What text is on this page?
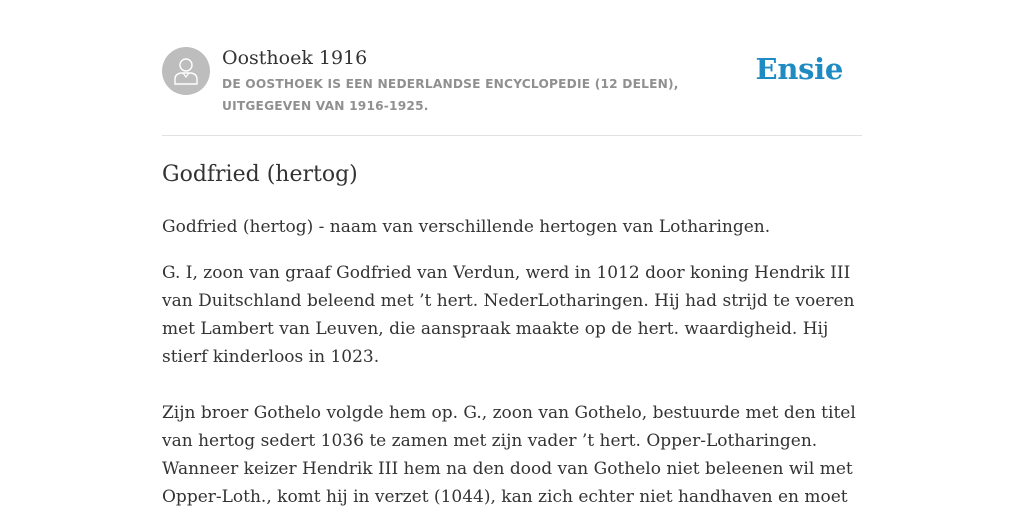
Oosthoek 1916
DE OOSTHOEK IS EEN NEDERLANDSE ENCYCLOPEDIE (12 DELEN), UITGEGEVEN VAN 1916-1925.
Ensie
Godfried (hertog)

Godfried (hertog) - naam van verschillende hertogen van Lotharingen.

G. I, zoon van graaf Godfried van Verdun, werd in 1012 door koning Hendrik III van Duitschland beleend met ’t hert. NederLotharingen. Hij had strijd te voeren met Lambert van Leuven, die aanspraak maakte op de hert. waardigheid. Hij stierf kinderloos in 1023.

Zijn broer Gothelo volgde hem op. G., zoon van Gothelo, bestuurde met den titel van hertog sedert 1036 te zamen met zijn vader ’t hert. Opper-Lotharingen. Wanneer keizer Hendrik III hem na den dood van Gothelo niet beleenen wil met Opper-Loth., komt hij in verzet (1044), kan zich echter niet handhaven en moet
